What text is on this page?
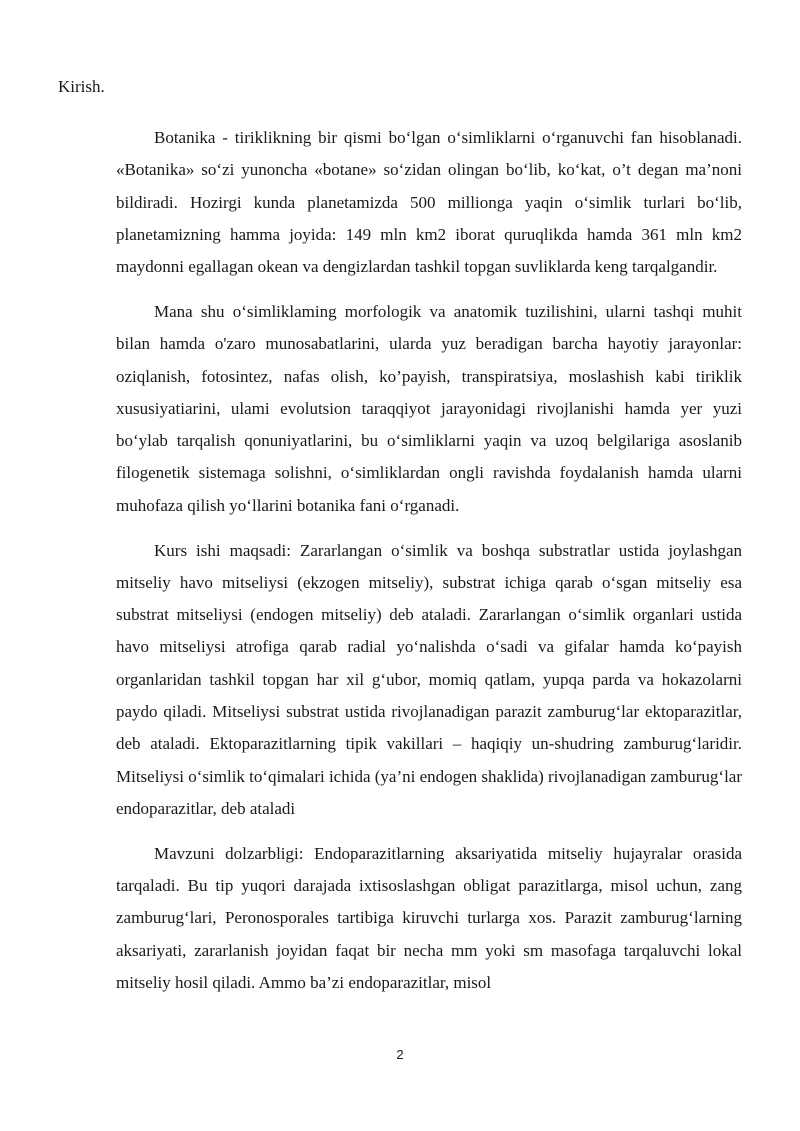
Kirish.

Botanika - tiriklikning bir qismi bo‘lgan o‘simliklarni o‘rganuvchi fan hisoblanadi. «Botanika» so‘zi yunoncha «botane» so‘zidan olingan bo‘lib, ko‘kat, o’t degan ma’noni bildiradi. Hozirgi kunda planetamizda 500 millionga yaqin o‘simlik turlari bo‘lib, planetamizning hamma joyida: 149 mln km2 iborat quruqlikda hamda 361 mln km2 maydonni egallagan okean va dengizlardan tashkil topgan suvliklarda keng tarqalgandir.

Mana shu o‘simliklaming morfologik va anatomik tuzilishini, ularni tashqi muhit bilan hamda o'zaro munosabatlarini, ularda yuz beradigan barcha hayotiy jarayonlar: oziqlanish, fotosintez, nafas olish, ko’payish, transpiratsiya, moslashish kabi tiriklik xususiyatiarini, ulami evolutsion taraqqiyot jarayonidagi rivojlanishi hamda yer yuzi bo‘ylab tarqalish qonuniyatlarini, bu o‘simliklarni yaqin va uzoq belgilariga asoslanib filogenetik sistemaga solishni, o‘simliklardan ongli ravishda foydalanish hamda ularni muhofaza qilish yo‘llarini botanika fani o‘rganadi.

Kurs ishi maqsadi: Zararlangan o‘simlik va boshqa substratlar ustida joylashgan mitseliy havo mitseliysi (ekzogen mitseliy), substrat ichiga qarab o‘sgan mitseliy esa substrat mitseliysi (endogen mitseliy) deb ataladi. Zararlangan o‘simlik organlari ustida havo mitseliysi atrofiga qarab radial yo‘nalishda o‘sadi va gifalar hamda ko‘payish organlaridan tashkil topgan har xil g‘ubor, momiq qatlam, yupqa parda va hokazolarni paydo qiladi. Mitseliysi substrat ustida rivojlanadigan parazit zamburug‘lar ektoparazitlar, deb ataladi. Ektoparazitlarning tipik vakillari – haqiqiy un-shudring zamburug‘laridir. Mitseliysi o‘simlik to‘qimalari ichida (ya’ni endogen shaklida) rivojlanadigan zamburug‘lar endoparazitlar, deb ataladi

Mavzuni dolzarbligi: Endoparazitlarning aksariyatida mitseliy hujayralar orasida tarqaladi. Bu tip yuqori darajada ixtisoslashgan obligat parazitlarga, misol uchun, zang zamburug‘lari, Peronosporales tartibiga kiruvchi turlarga xos. Parazit zamburug‘larning aksariyati, zararlanish joyidan faqat bir necha mm yoki sm masofaga tarqaluvchi lokal mitseliy hosil qiladi. Ammo ba’zi endoparazitlar, misol

2
